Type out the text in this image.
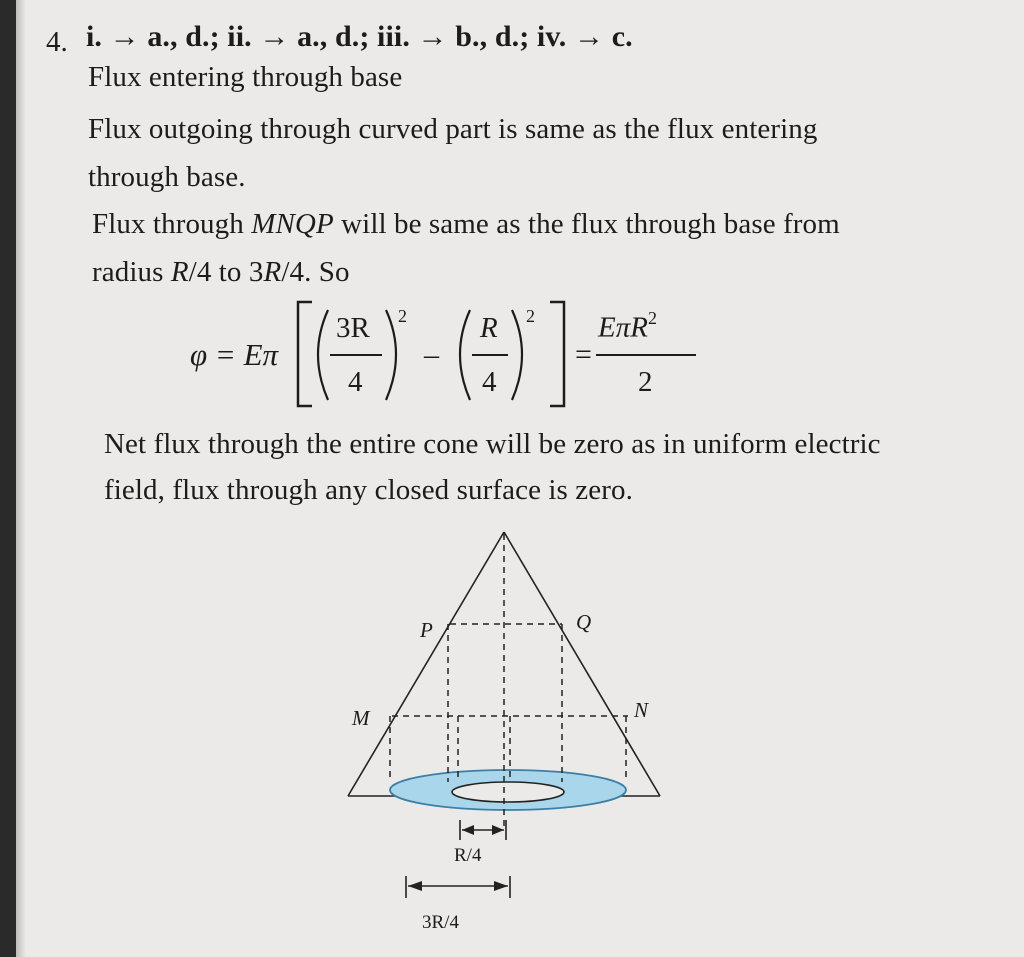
4. i. → a., d.; ii. → a., d.; iii. → b., d.; iv. → c.
Flux entering through base
Flux outgoing through curved part is same as the flux entering
through base.
Flux through MNQP will be same as the flux through base from
radius R/4 to 3R/4. So
2	2
φ = Eπ
3R
4
–
R
4
=
EπR$^2$
2
Net flux through the entire cone will be zero as in uniform electric
field, flux through any closed surface is zero.
P	Q
M	N
R/4
3R/4
